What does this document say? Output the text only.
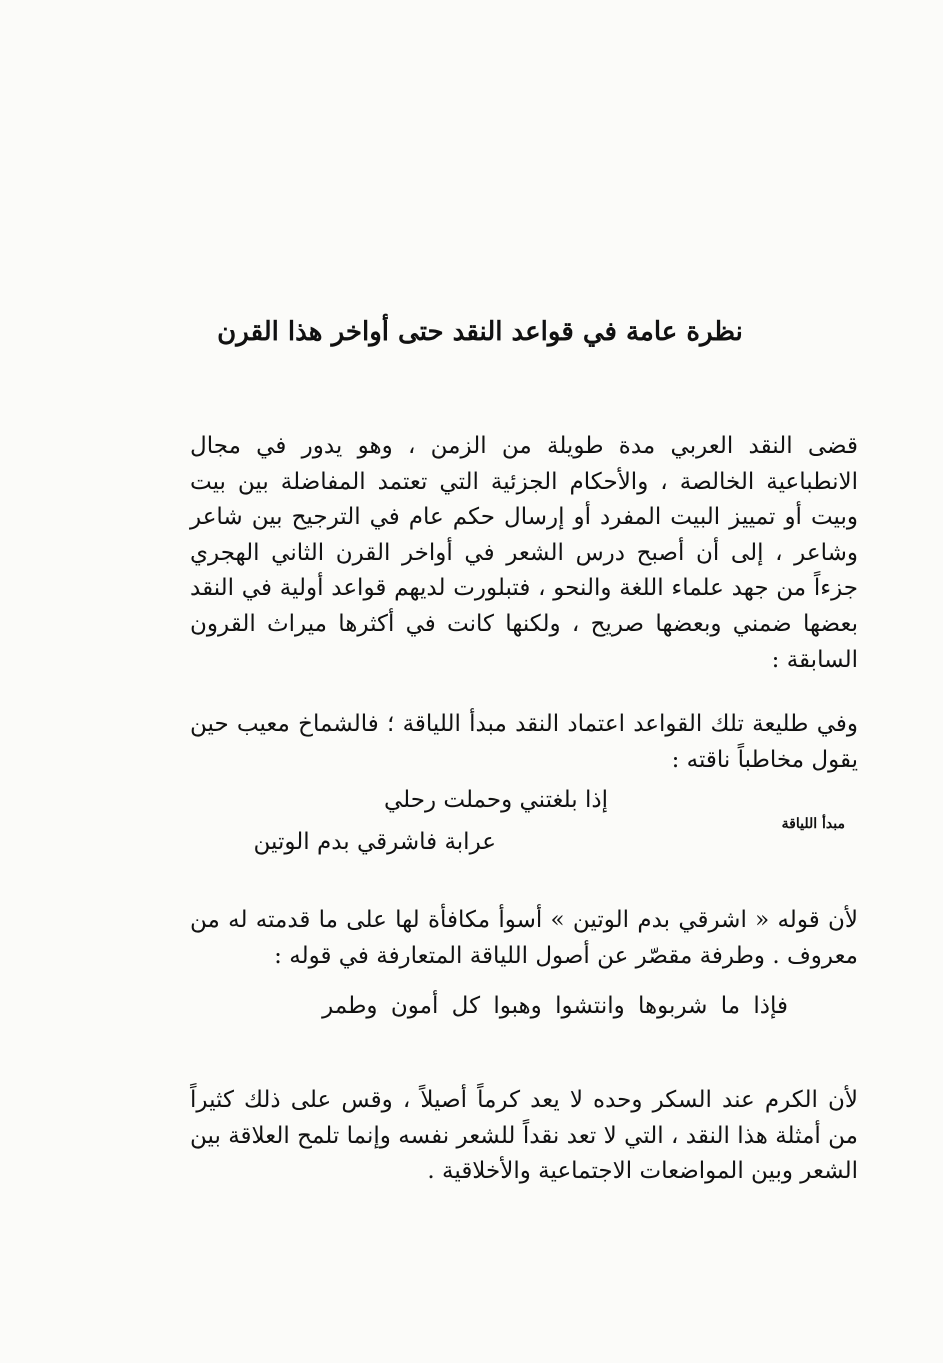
نظرة عامة في قواعد النقد حتى أواخر هذا القرن

قضى النقد العربي مدة طويلة من الزمن ، وهو يدور في مجال الانطباعية الخالصة ، والأحكام الجزئية التي تعتمد المفاضلة بين بيت وبيت أو تمييز البيت المفرد أو إرسال حكم عام في الترجيح بين شاعر وشاعر ، إلى أن أصبح درس الشعر في أواخر القرن الثاني الهجري جزءاً من جهد علماء اللغة والنحو ، فتبلورت لديهم قواعد أولية في النقد بعضها ضمني وبعضها صريح ، ولكنها كانت في أكثرها ميراث القرون السابقة :

وفي طليعة تلك القواعد اعتماد النقد مبدأ اللياقة ؛ فالشماخ معيب حين يقول مخاطباً ناقته :

مبدأ اللياقة
إذا بلغتني وحملت رحلي
عرابة فاشرقي بدم الوتين

لأن قوله « اشرقي بدم الوتين » أسوأ مكافأة لها على ما قدمته له من معروف . وطرفة مقصّر عن أصول اللياقة المتعارفة في قوله :

فإذا ما شربوها وانتشوا وهبوا كل أمون وطمر

لأن الكرم عند السكر وحده لا يعد كرماً أصيلاً ، وقس على ذلك كثيراً من أمثلة هذا النقد ، التي لا تعد نقداً للشعر نفسه وإنما تلمح العلاقة بين الشعر وبين المواضعات الاجتماعية والأخلاقية .
